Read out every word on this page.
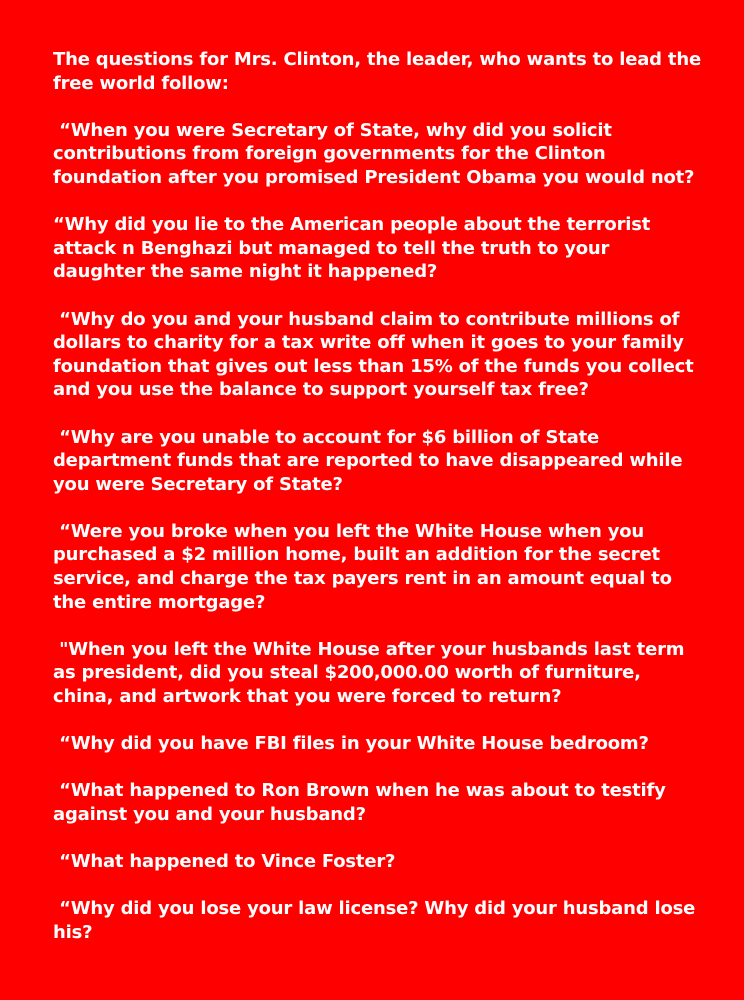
The questions for Mrs. Clinton, the leader, who wants to lead the free world follow:

“When you were Secretary of State, why did you solicit contributions from foreign governments for the Clinton foundation after you promised President Obama you would not?

“Why did you lie to the American people about the terrorist attack n Benghazi but managed to tell the truth to your daughter the same night it happened?

“Why do you and your husband claim to contribute millions of dollars to charity for a tax write off when it goes to your family foundation that gives out less than 15% of the funds you collect and you use the balance to support yourself tax free?

“Why are you unable to account for $6 billion of State department funds that are reported to have disappeared while you were Secretary of State?

“Were you broke when you left the White House when you purchased a $2 million home, built an addition for the secret service, and charge the tax payers rent in an amount equal to the entire mortgage?

"When you left the White House after your husbands last term as president, did you steal $200,000.00 worth of furniture, china, and artwork that you were forced to return?

“Why did you have FBI files in your White House bedroom?

“What happened to Ron Brown when he was about to testify against you and your husband?

“What happened to Vince Foster?

“Why did you lose your law license? Why did your husband lose his?
